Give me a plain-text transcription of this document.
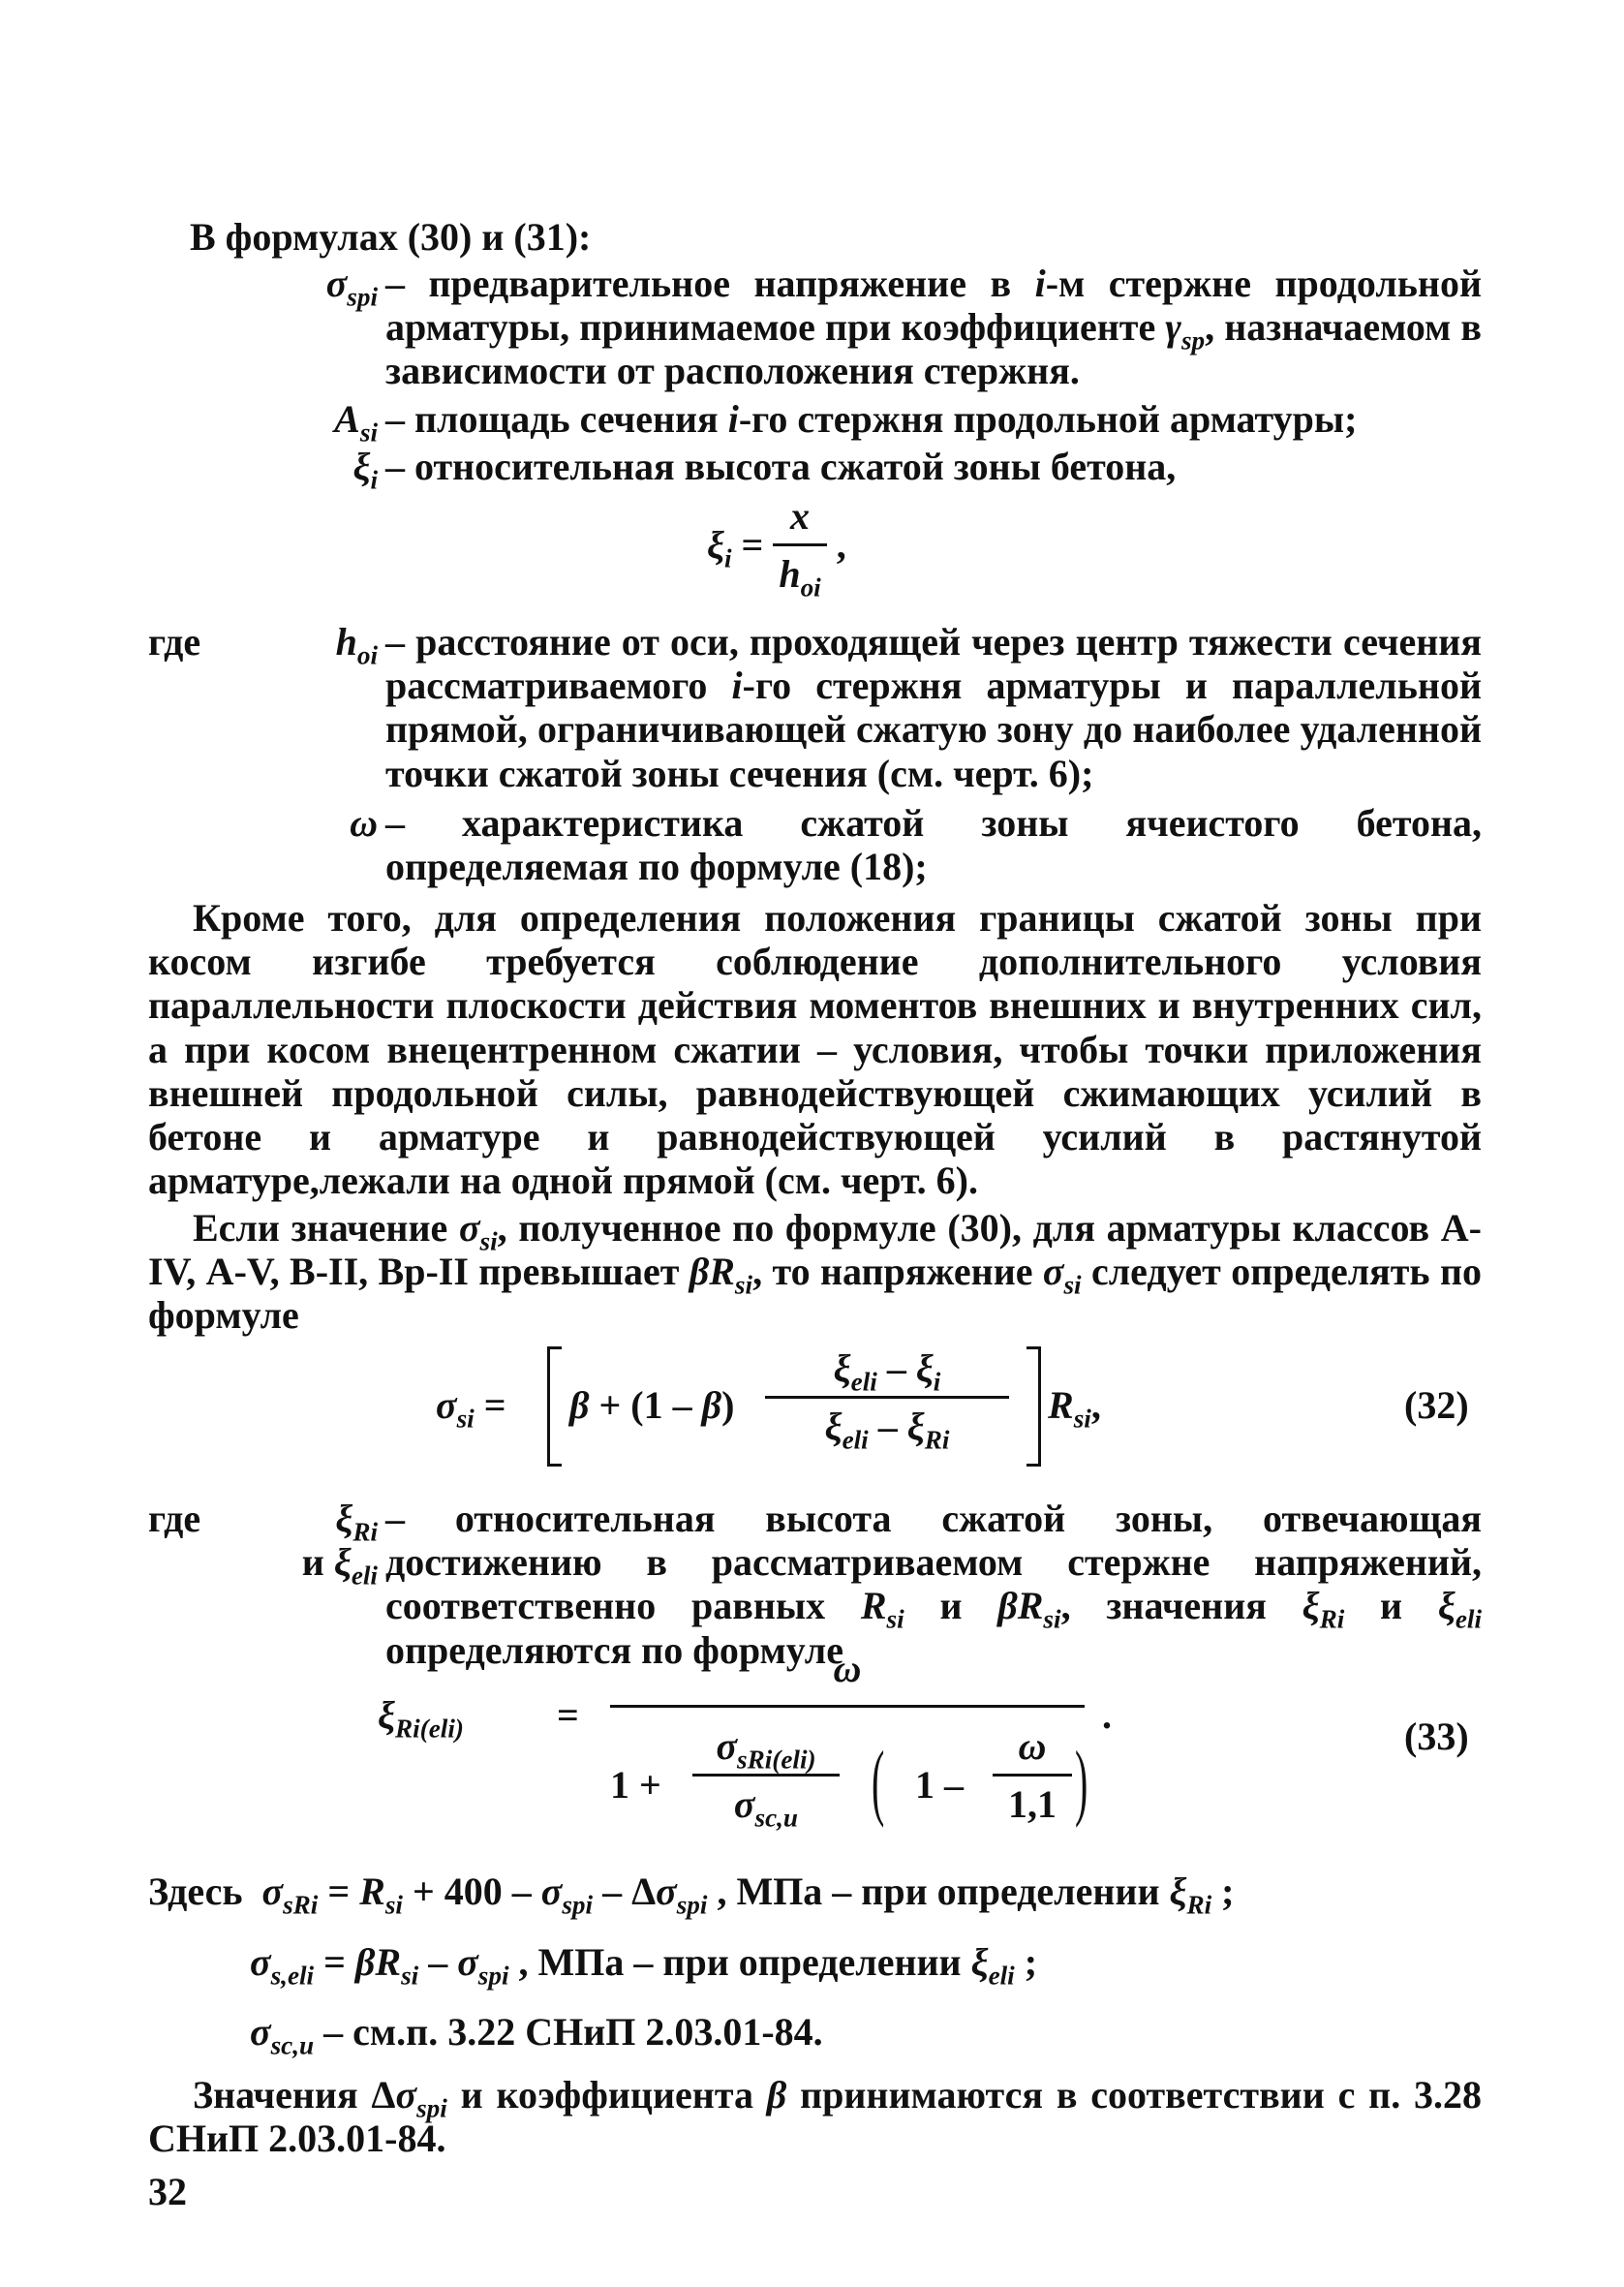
В формулах (30) и (31):
$\sigma_{spi}$ – предварительное напряжение в i-м стержне продольной арматуры, принимаемое при коэффициенте $\gamma_{sp}$, назначаемом в зависимости от расположения стержня.
$A_{si}$ – площадь сечения i-го стержня продольной арматуры;
$\xi_i$ – относительная высота сжатой зоны бетона,
$\xi_i = \frac{x}{h_{oi}}$ ,
где	$h_{oi}$ – расстояние от оси, проходящей через центр тяжести сечения рассматриваемого i-го стержня арматуры и параллельной прямой, ограничивающей сжатую зону до наиболее удаленной точки сжатой зоны сечения (см. черт. 6);
ω – характеристика сжатой зоны ячеистого бетона, определяемая по формуле (18);
Кроме того, для определения положения границы сжатой зоны при косом изгибе требуется соблюдение дополнительного условия параллельности плоскости действия моментов внешних и внутренних сил, а при косом внецентренном сжатии – условия, чтобы точки приложения внешней продольной силы, равнодействующей сжимающих усилий в бетоне и арматуре и равнодействующей усилий в растянутой арматуре,лежали на одной прямой (см. черт. 6).
Если значение $\sigma_{si}$, полученное по формуле (30), для арматуры классов А-IV, А-V, В-II, Вр-II превышает $\beta R_{si}$, то напряжение $\sigma_{si}$ следует определять по формуле
$\sigma_{si} = \beta + (1 - \beta) \frac{\xi_{eli} - \xi_i}{\xi_{eli} - \xi_{Ri}} R_{si}$,	(32)
где	$\xi_{Ri}$
и $\xi_{eli}$
– относительная высота сжатой зоны, отвечающая достижению в рассматриваемом стержне напряжений, соответственно равных $R_{si}$ и $\beta R_{si}$, значения $\xi_{Ri}$ и $\xi_{eli}$ определяются по формуле
$\xi_{Ri(eli)}$ =
ω
.
$1 + \frac{\sigma_{sRi(eli)}}{\sigma_{sc,u}}$ ( $1 - \frac{\omega}{1,1}$ )	(33)
Здесь  $\sigma_{sRi} = R_{si} + 400 - \sigma_{spi} - \Delta\sigma_{spi}$ , МПа – при определении $\xi_{Ri}$ ;
$\sigma_{s,eli} = \beta R_{si} - \sigma_{spi}$ , МПа – при определении $\xi_{eli}$ ;
$\sigma_{sc,u} - см.п$. 3.22 СНиП 2.03.01-84.
Значения $\Delta\sigma_{spi}$ и коэффициента β принимаются в соответствии с п. 3.28 СНиП 2.03.01-84.
32
